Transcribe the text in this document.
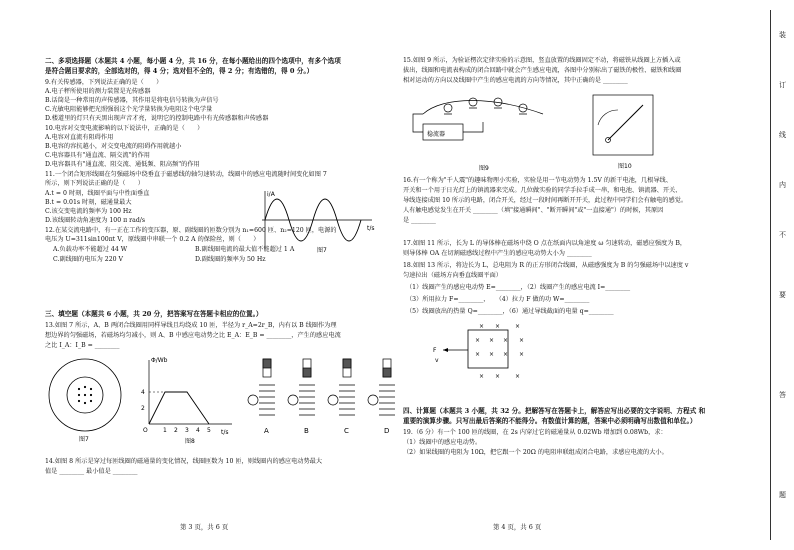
二、多项选择题（本题共 4 小题，每小题 4 分，共 16 分，在每小题给出的四个选项中，有多个选项
是符合题目要求的，全部选对的，得 4 分；选对但不全的，得 2 分；有选错的，得 0 分。）
9.有关传感器，下列说法正确的是（　　）
A.电子秤所使用的测力装置是光传感器
B.话筒是一种常用的声传感器，其作用是将电信号转换为声信号
C.光敏电阻能够把光照强弱这个光学量转换为电阻这个电学量
D.楼道里的灯只有天黑出现声音才亮，说明它的控制电路中有光传感器和声传感器
10.电容对交变电流影响的以下说法中，正确的是（　　）
A.电容对直流有阻碍作用
B.电容的容抗越小，对交变电流的阻碍作用就越小
C.电容器具有"通直流、隔交流"的作用
D.电容器具有"通直流、阻交流、通低频、阻高频"的作用
11.一个闭合矩形线圈在匀强磁场中绕垂直于磁感线的轴匀速转动，线圈中的感应电流随时间变化如图 7
所示，则下列说法正确的是（　　）
A.t = 0 时刻，线圈平面与中性面垂直
B.t = 0.01s 时刻，磁通量最大
C.该交变电流的频率为 100 Hz
D.该线圈转动角速度为 100 π rad/s
i/A
t/s
图7
12.在某交流电路中，有一正在工作的变压器，原、副线圈的匝数分别为 n₁=600 匝、n₂=120 匝，电源的
电压为 U=311sin100πt V，原线圈中串联一个 0.2 A 的保险丝，则（　　）
A.负载功率不能超过 44 W	B.副线圈电流的最大值不能超过 1 A
C.副线圈的电压为 220 V	D.副线圈的频率为 50 Hz
三、填空题（本题共 6 小题，共 20 分，把答案写在答题卡相应的位置。）
13.如图 7 所示，A、B 两闭合线圈用同样导线且均绕成 10 匝，半径为 r_A=2r_B，内有以 B 线圈作为理
想边界的匀强磁场，若磁场均匀减小，则 A、B 中感应电动势之比 E_A：E_B = ________，产生的感应电流
之比 I_A：I_B = ________
图7
Φ/Wb
t/s
4
2
O	1 2 3 4 5	A	B	C	D
图8
14.如图 8 所示是穿过每匝线圈的磁通量的变化情况，线圈匝数为 10 匝，则线圈内的感应电动势最大
值是 ________ 最小值是 ________
第 3 页，共 6 页
15.如图 9 所示，为验证楞次定律实验的示意图，竖直放置的线圈固定不动，将磁铁从线圈上方插入或
拔出，线圈和电流表构成的闭合回路中就会产生感应电流，各图中分别标出了磁铁的极性、磁铁和线圈
相对运动的方向以及线圈中产生的感应电流的方向等情况，其中正确的是 ________
稳流器
图9	图10
16.有一个称为"千人震"的趣味物理小实验，实验是用一节电动势为 1.5V 的新干电池，几根导线、
开关和一个用于日光灯上的镇流器来完成。几位做实验的同学手拉手成一串，和电池、镇流器、开关、
导线连接成图 10 所示的电路，闭合开关，经过一段时间再断开开关，此过程中同学们会有触电的感觉。
人有触电感觉发生在开关 ________（填"接通瞬间"、"断开瞬间"或"一直接通"）的时候，其原因
是 ________
17.如图 11 所示，长为 L 的导体棒在磁场中绕 O 点在纸面内以角速度 ω 匀速转动，磁感应强度为 B，
则导体棒 OA 在切割磁感线过程中产生的感应电动势大小为 ________
18.如图 13 所示，将边长为 L，总电阻为 R 的正方形闭合线圈，从磁感强度为 B 的匀强磁场中以速度 v
匀速拉出（磁场方向垂直线圈平面）
（1）线圈产生的感应电动势 E=________，（2）线圈产生的感应电流 I=________
（3）所用拉力 F=________，　　（4）拉力 F 做的功 W=________
（5）线圈放出的热量 Q=________，（6）通过导线截面的电量 q=________
× × ×
× × × ×
× × × ×
× × ×
F
v
四、计算题（本题共 3 小题，共 32 分。把解答写在答题卡上，解答应写出必要的文字说明、方程式 和
重要的演算步骤。只写出最后答案的不能得分。有数值计算的题，答案中必须明确写出数值和单位。）
19.（6 分）有一个 100 匝的线圈，在 2s 内穿过它的磁通量从 0.02Wb 增加到 0.08Wb，求：
（1）线圈中的感应电动势。
（2）如果线圈的电阻为 10Ω，把它跟一个 20Ω 的电阻串联组成闭合电路，求感应电流的大小。
第 4 页，共 6 页
装
订
线
内
不
要
答
题
